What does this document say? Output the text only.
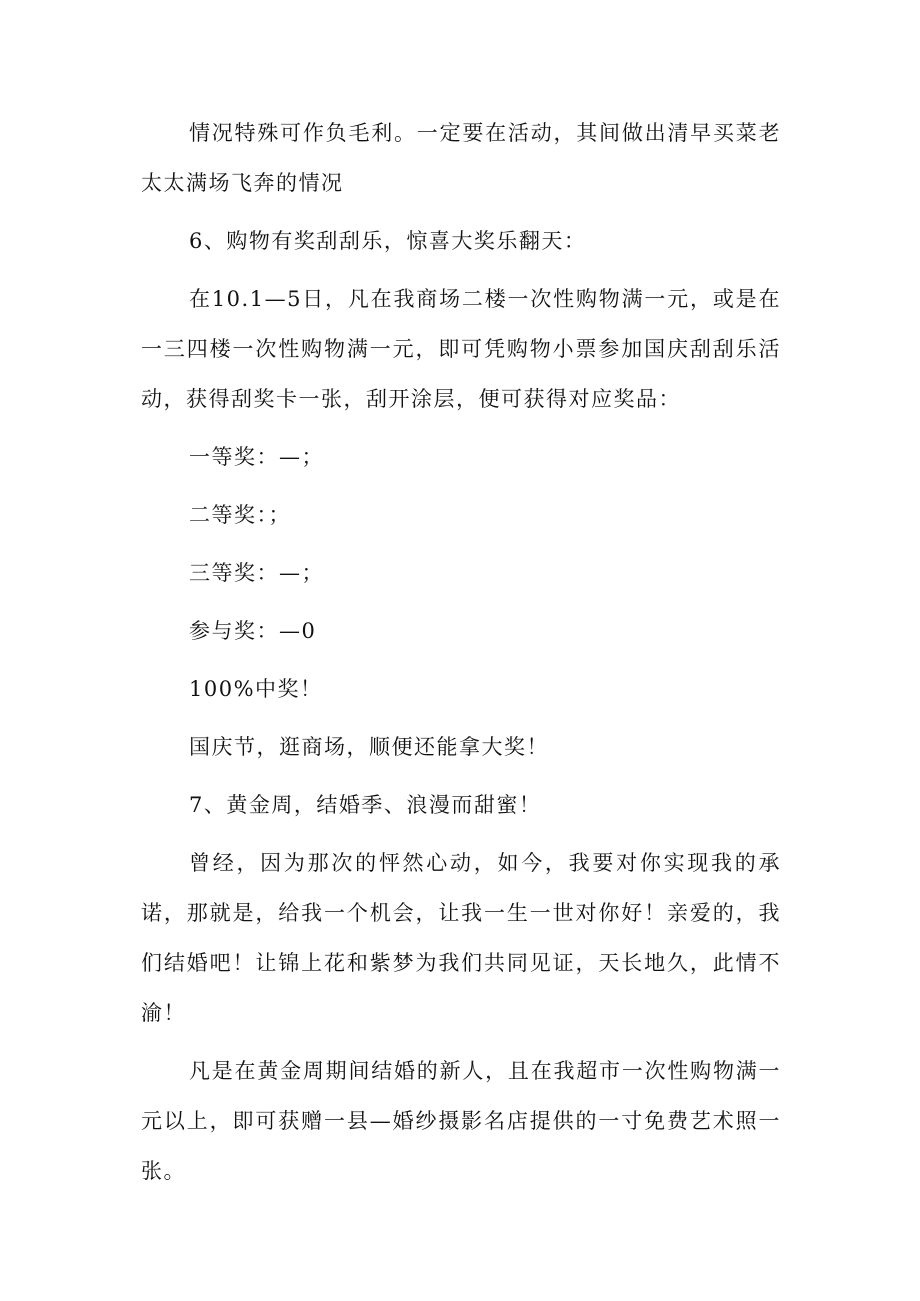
情况特殊可作负毛利。一定要在活动，其间做出清早买菜老太太满场飞奔的情况

6、购物有奖刮刮乐，惊喜大奖乐翻天：

在10.1—5日，凡在我商场二楼一次性购物满一元，或是在一三四楼一次性购物满一元，即可凭购物小票参加国庆刮刮乐活动，获得刮奖卡一张，刮开涂层，便可获得对应奖品：

一等奖：—；

二等奖：；

三等奖：—；

参与奖：—0

100%中奖！

国庆节，逛商场，顺便还能拿大奖！

7、黄金周，结婚季、浪漫而甜蜜！

曾经，因为那次的怦然心动，如今，我要对你实现我的承诺，那就是，给我一个机会，让我一生一世对你好！亲爱的，我们结婚吧！让锦上花和紫梦为我们共同见证，天长地久，此情不渝！

凡是在黄金周期间结婚的新人，且在我超市一次性购物满一元以上，即可获赠一县—婚纱摄影名店提供的一寸免费艺术照一张。
